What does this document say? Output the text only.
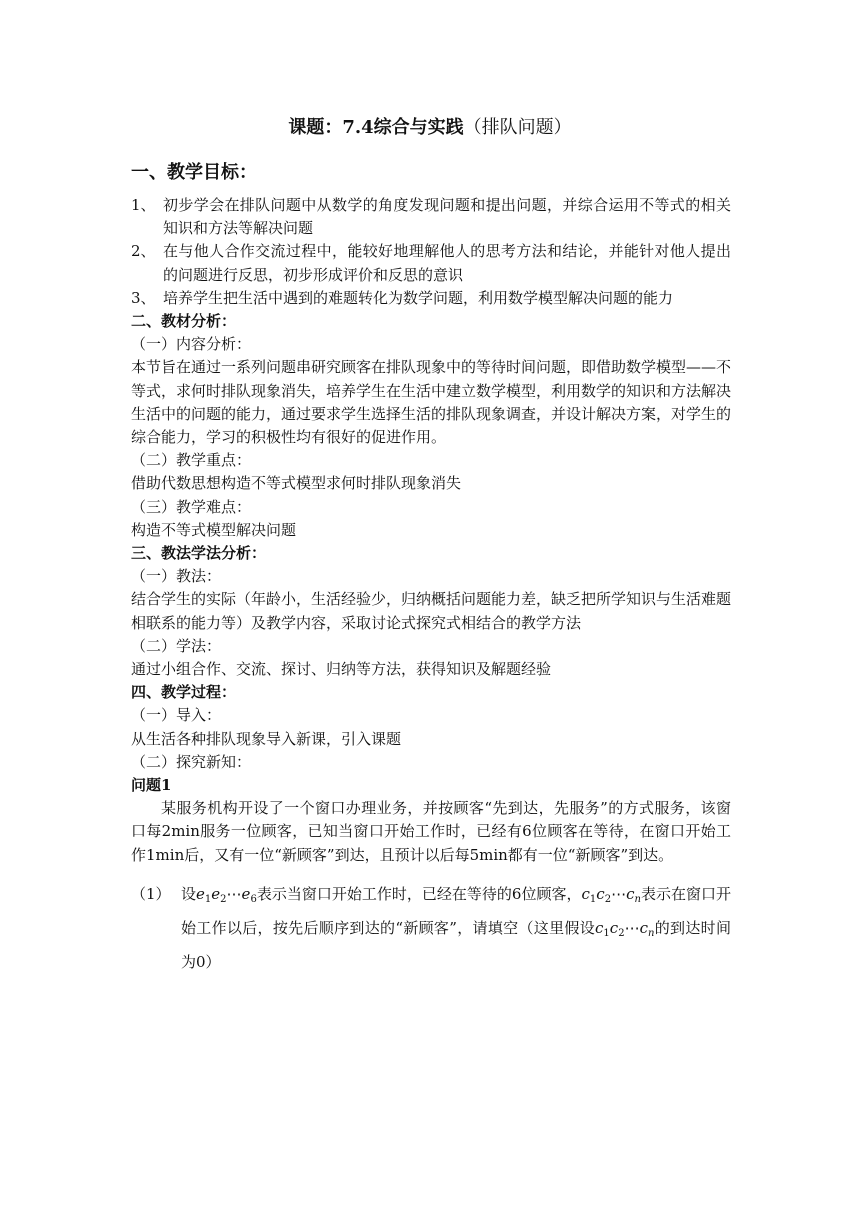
课题：7.4综合与实践（排队问题）
一、教学目标：
1、 初步学会在排队问题中从数学的角度发现问题和提出问题，并综合运用不等式的相关知识和方法等解决问题
2、 在与他人合作交流过程中，能较好地理解他人的思考方法和结论，并能针对他人提出的问题进行反思，初步形成评价和反思的意识
3、 培养学生把生活中遇到的难题转化为数学问题，利用数学模型解决问题的能力
二、教材分析：

（一）内容分析：

本节旨在通过一系列问题串研究顾客在排队现象中的等待时间问题，即借助数学模型——不等式，求何时排队现象消失，培养学生在生活中建立数学模型，利用数学的知识和方法解决生活中的问题的能力，通过要求学生选择生活的排队现象调查，并设计解决方案，对学生的综合能力，学习的积极性均有很好的促进作用。

（二）教学重点：

借助代数思想构造不等式模型求何时排队现象消失

（三）教学难点：

构造不等式模型解决问题

三、教法学法分析：

（一）教法：

结合学生的实际（年龄小，生活经验少，归纳概括问题能力差，缺乏把所学知识与生活难题相联系的能力等）及教学内容，采取讨论式探究式相结合的教学方法

（二）学法：

通过小组合作、交流、探讨、归纳等方法，获得知识及解题经验

四、教学过程：

（一）导入：

从生活各种排队现象导入新课，引入课题

（二）探究新知：

问题1

某服务机构开设了一个窗口办理业务，并按顾客“先到达，先服务”的方式服务，该窗口每2min服务一位顾客，已知当窗口开始工作时，已经有6位顾客在等待，在窗口开始工作1min后，又有一位“新顾客”到达，且预计以后每5min都有一位“新顾客”到达。

（1） 设$e_1e_2\cdots e_6$表示当窗口开始工作时，已经在等待的6位顾客，$c_1c_2\cdots c_n$表示在窗口开始工作以后，按先后顺序到达的“新顾客”，请填空（这里假设$c_1c_2\cdots c_n$的到达时间为0）
